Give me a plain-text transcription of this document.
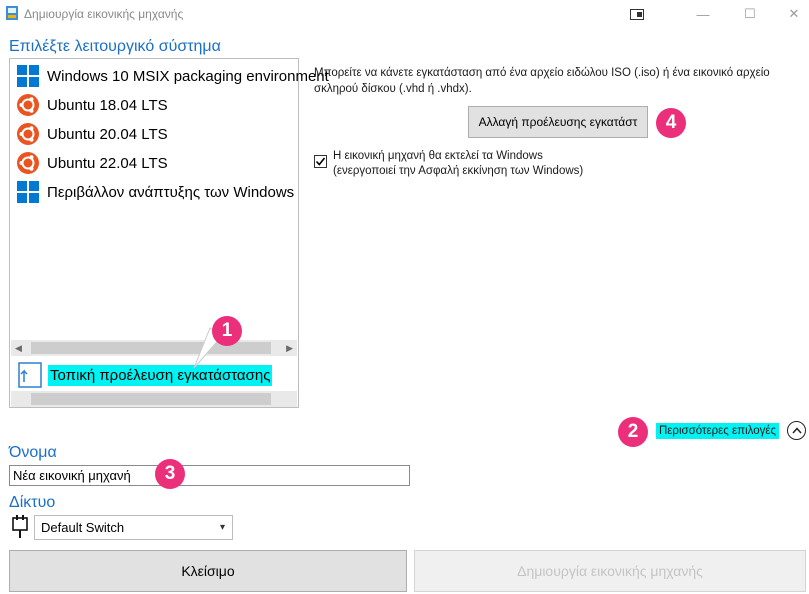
Δημιουργία εικονικής μηχανής	—	☐	✕
Επιλέξτε λειτουργικό σύστημα
Windows 10 MSIX packaging environment
Ubuntu 18.04 LTS
Ubuntu 20.04 LTS
Ubuntu 22.04 LTS
Περιβάλλον ανάπτυξης των Windows
◀	▶
Τοπική προέλευση εγκατάστασης
1
Μπορείτε να κάνετε εγκατάσταση από ένα αρχείο ειδώλου ISO (.iso) ή ένα εικονικό αρχείο σκληρού δίσκου (.vhd ή .vhdx).
Αλλαγή προέλευσης εγκατάστ	4
Η εικονική μηχανή θα εκτελεί τα Windows
(ενεργοποιεί την Ασφαλή εκκίνηση των Windows)
2	Περισσότερες επιλογές
Όνομα
Νέα εικονική μηχανή	3
Δίκτυο
Default Switch	▾
Κλείσιμο	Δημιουργία εικονικής μηχανής
